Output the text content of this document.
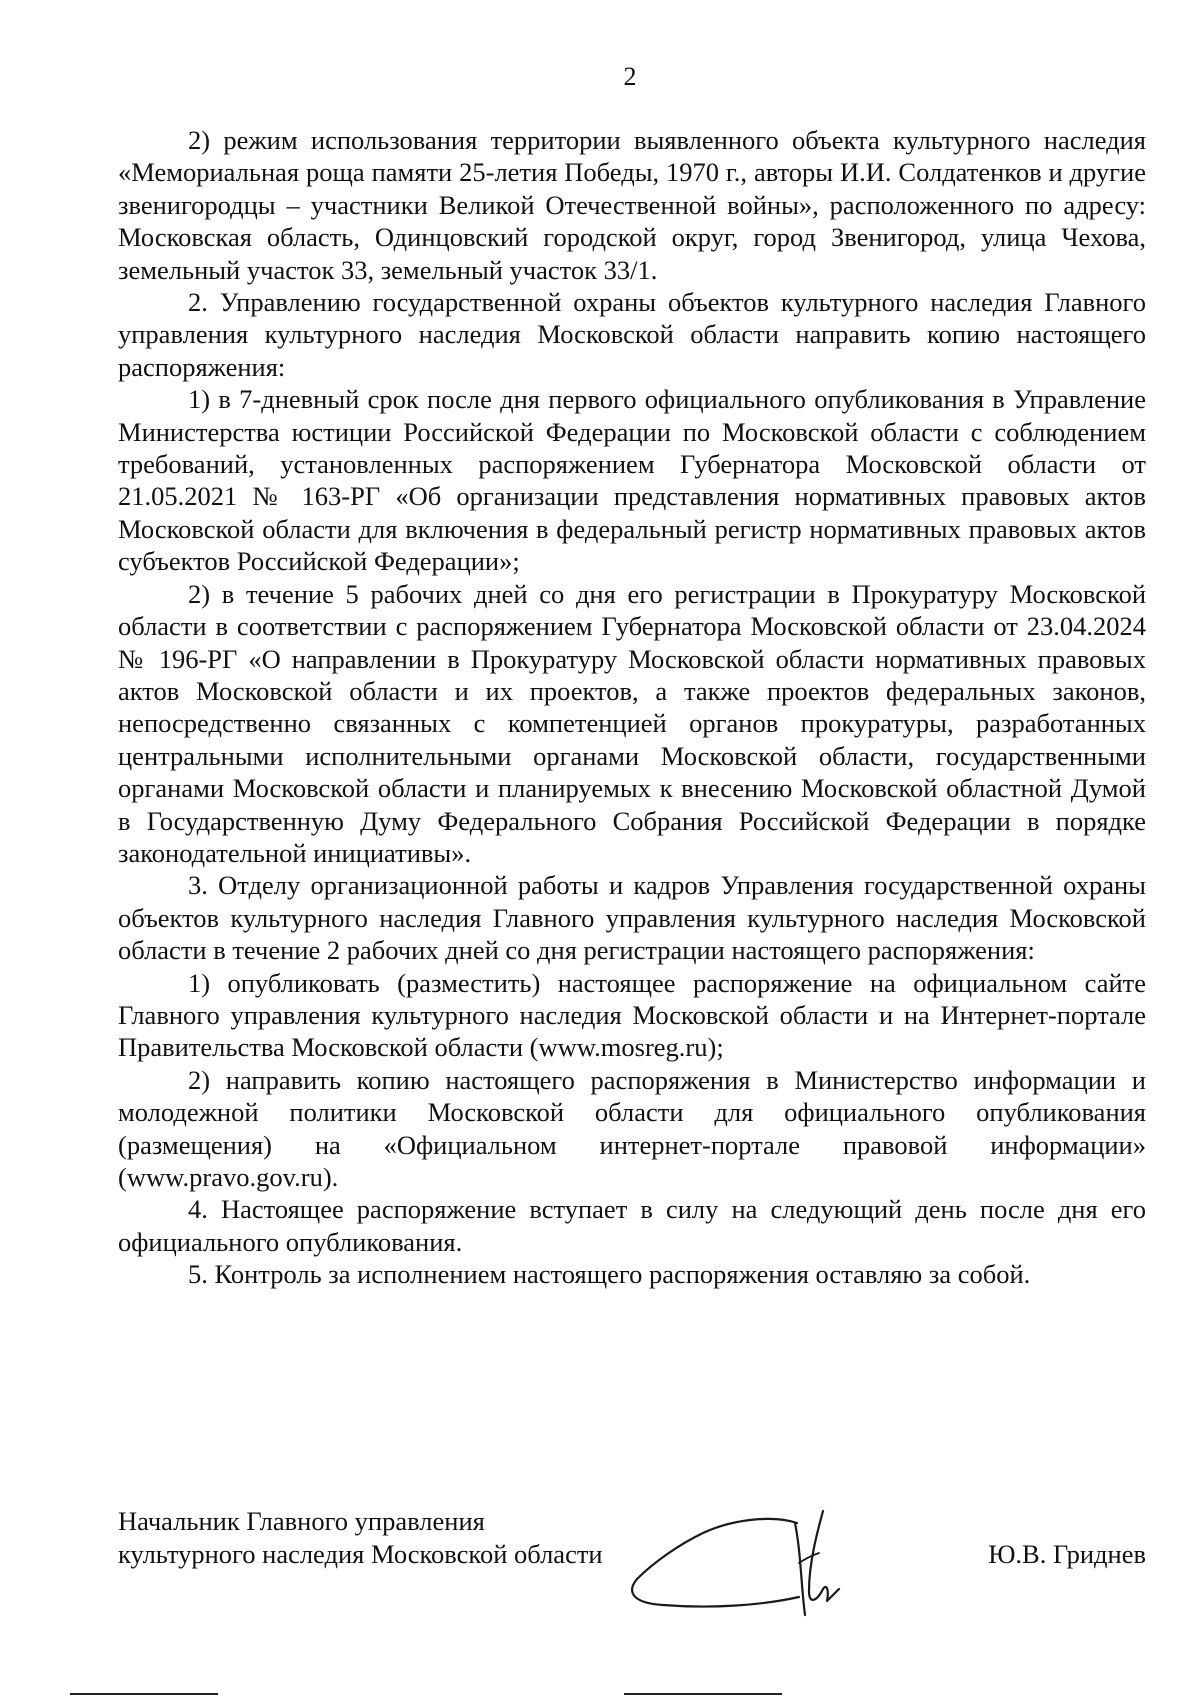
2

2) режим использования территории выявленного объекта культурного наследия «Мемориальная роща памяти 25-летия Победы, 1970 г., авторы И.И. Солдатенков и другие звенигородцы – участники Великой Отечественной войны», расположенного по адресу: Московская область, Одинцовский городской округ, город Звенигород, улица Чехова, земельный участок 33, земельный участок 33/1.

2. Управлению государственной охраны объектов культурного наследия Главного управления культурного наследия Московской области направить копию настоящего распоряжения:

1) в 7-дневный срок после дня первого официального опубликования в Управление Министерства юстиции Российской Федерации по Московской области с соблюдением требований, установленных распоряжением Губернатора Московской области от 21.05.2021 № 163-РГ «Об организации представления нормативных правовых актов Московской области для включения в федеральный регистр нормативных правовых актов субъектов Российской Федерации»;

2) в течение 5 рабочих дней со дня его регистрации в Прокуратуру Московской области в соответствии с распоряжением Губернатора Московской области от 23.04.2024 № 196-РГ «О направлении в Прокуратуру Московской области нормативных правовых актов Московской области и их проектов, а также проектов федеральных законов, непосредственно связанных с компетенцией органов прокуратуры, разработанных центральными исполнительными органами Московской области, государственными органами Московской области и планируемых к внесению Московской областной Думой в Государственную Думу Федерального Собрания Российской Федерации в порядке законодательной инициативы».

3. Отделу организационной работы и кадров Управления государственной охраны объектов культурного наследия Главного управления культурного наследия Московской области в течение 2 рабочих дней со дня регистрации настоящего распоряжения:

1) опубликовать (разместить) настоящее распоряжение на официальном сайте Главного управления культурного наследия Московской области и на Интернет-портале Правительства Московской области (www.mosreg.ru);

2) направить копию настоящего распоряжения в Министерство информации и молодежной политики Московской области для официального опубликования (размещения) на «Официальном интернет-портале правовой информации» (www.pravo.gov.ru).

4. Настоящее распоряжение вступает в силу на следующий день после дня его официального опубликования.

5. Контроль за исполнением настоящего распоряжения оставляю за собой.

Начальник Главного управления
культурного наследия Московской области	Ю.В. Гриднев
